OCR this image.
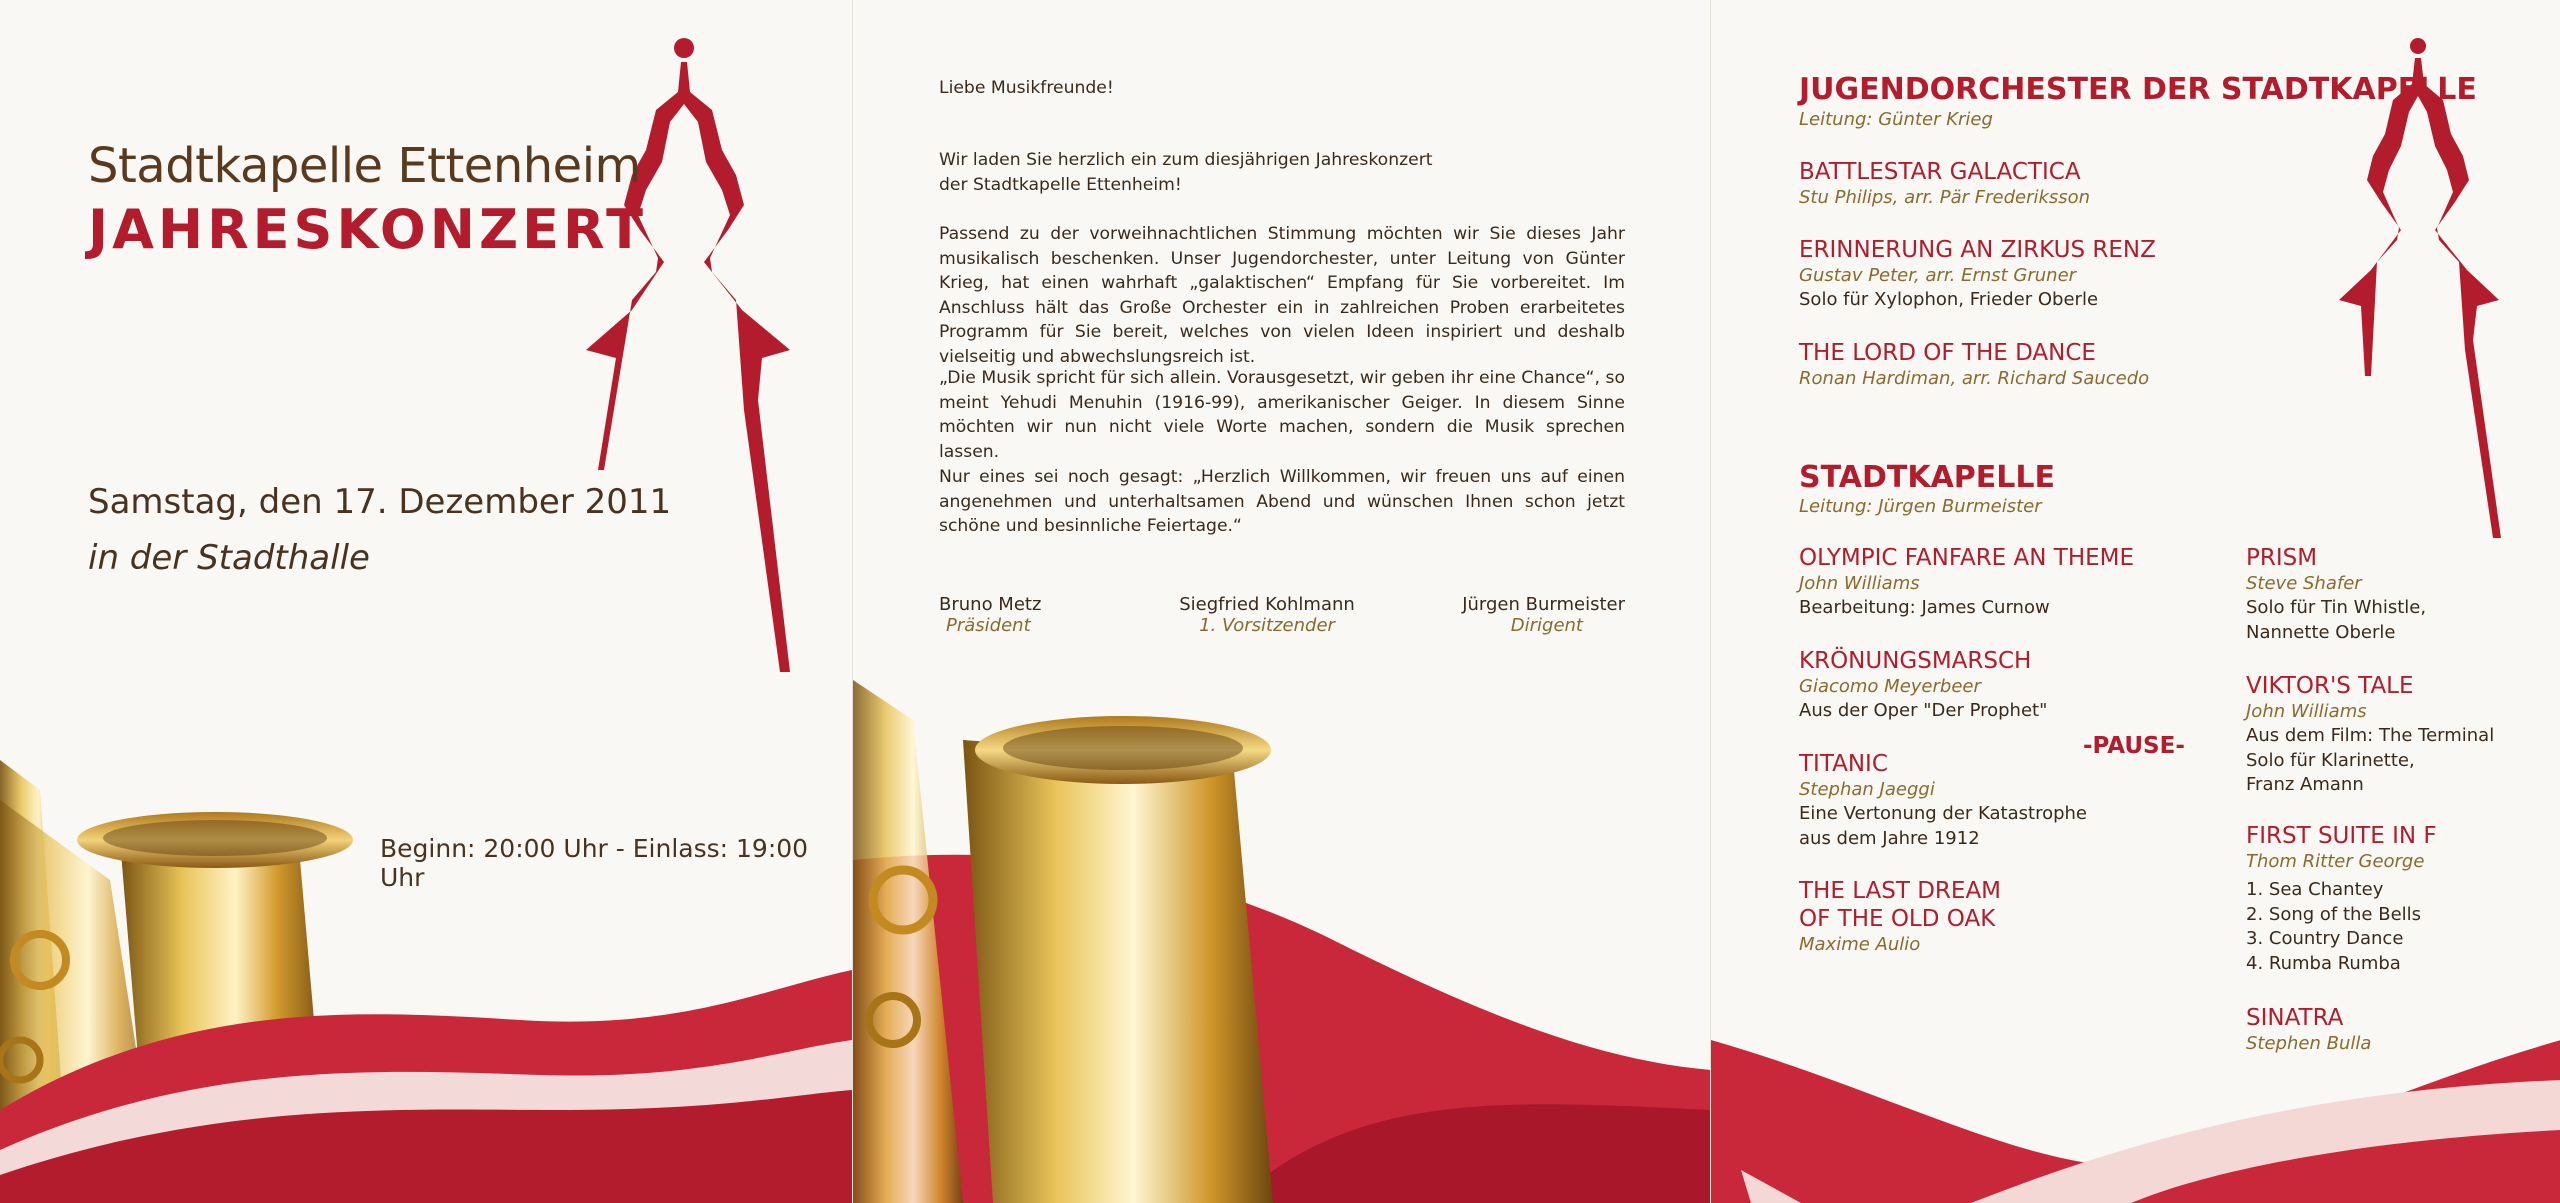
Stadtkapelle Ettenheim
JAHRESKONZERT
Samstag, den 17. Dezember 2011
in der Stadthalle
Beginn: 20:00 Uhr - Einlass: 19:00 Uhr
Liebe Musikfreunde!
Wir laden Sie herzlich ein zum diesjährigen Jahreskonzert
der Stadtkapelle Ettenheim!

Passend zu der vorweihnachtlichen Stimmung möchten wir Sie dieses Jahr musikalisch beschenken. Unser Jugendorchester, unter Leitung von Günter Krieg, hat einen wahrhaft „galaktischen“ Empfang für Sie vorbereitet. Im Anschluss hält das Große Orchester ein in zahlreichen Proben erarbeitetes Programm für Sie bereit, welches von vielen Ideen inspiriert und deshalb vielseitig und abwechslungsreich ist.

„Die Musik spricht für sich allein. Vorausgesetzt, wir geben ihr eine Chance“, so meint Yehudi Menuhin (1916-99), amerikanischer Geiger. In diesem Sinne möchten wir nun nicht viele Worte machen, sondern die Musik sprechen lassen.

Nur eines sei noch gesagt: „Herzlich Willkommen, wir freuen uns auf einen angenehmen und unterhaltsamen Abend und wünschen Ihnen schon jetzt schöne und besinnliche Feiertage.“

Bruno Metz
Präsident
Siegfried Kohlmann
1. Vorsitzender
Jürgen Burmeister
Dirigent
JUGENDORCHESTER DER STADTKAPELLE
Leitung: Günter Krieg
BATTLESTAR GALACTICA
Stu Philips, arr. Pär Frederiksson
ERINNERUNG AN ZIRKUS RENZ
Gustav Peter, arr. Ernst Gruner
Solo für Xylophon, Frieder Oberle
THE LORD OF THE DANCE
Ronan Hardiman, arr. Richard Saucedo
STADTKAPELLE
Leitung: Jürgen Burmeister
OLYMPIC FANFARE AN THEME
John Williams
Bearbeitung: James Curnow
KRÖNUNGSMARSCH
Giacomo Meyerbeer
Aus der Oper "Der Prophet"
TITANIC
Stephan Jaeggi
Eine Vertonung der Katastrophe
aus dem Jahre 1912
THE LAST DREAM
OF THE OLD OAK
Maxime Aulio
-PAUSE-
PRISM
Steve Shafer
Solo für Tin Whistle,
Nannette Oberle
VIKTOR'S TALE
John Williams
Aus dem Film: The Terminal
Solo für Klarinette,
Franz Amann
FIRST SUITE IN F
Thom Ritter George
1. Sea Chantey
2. Song of the Bells
3. Country Dance
4. Rumba Rumba
SINATRA
Stephen Bulla
